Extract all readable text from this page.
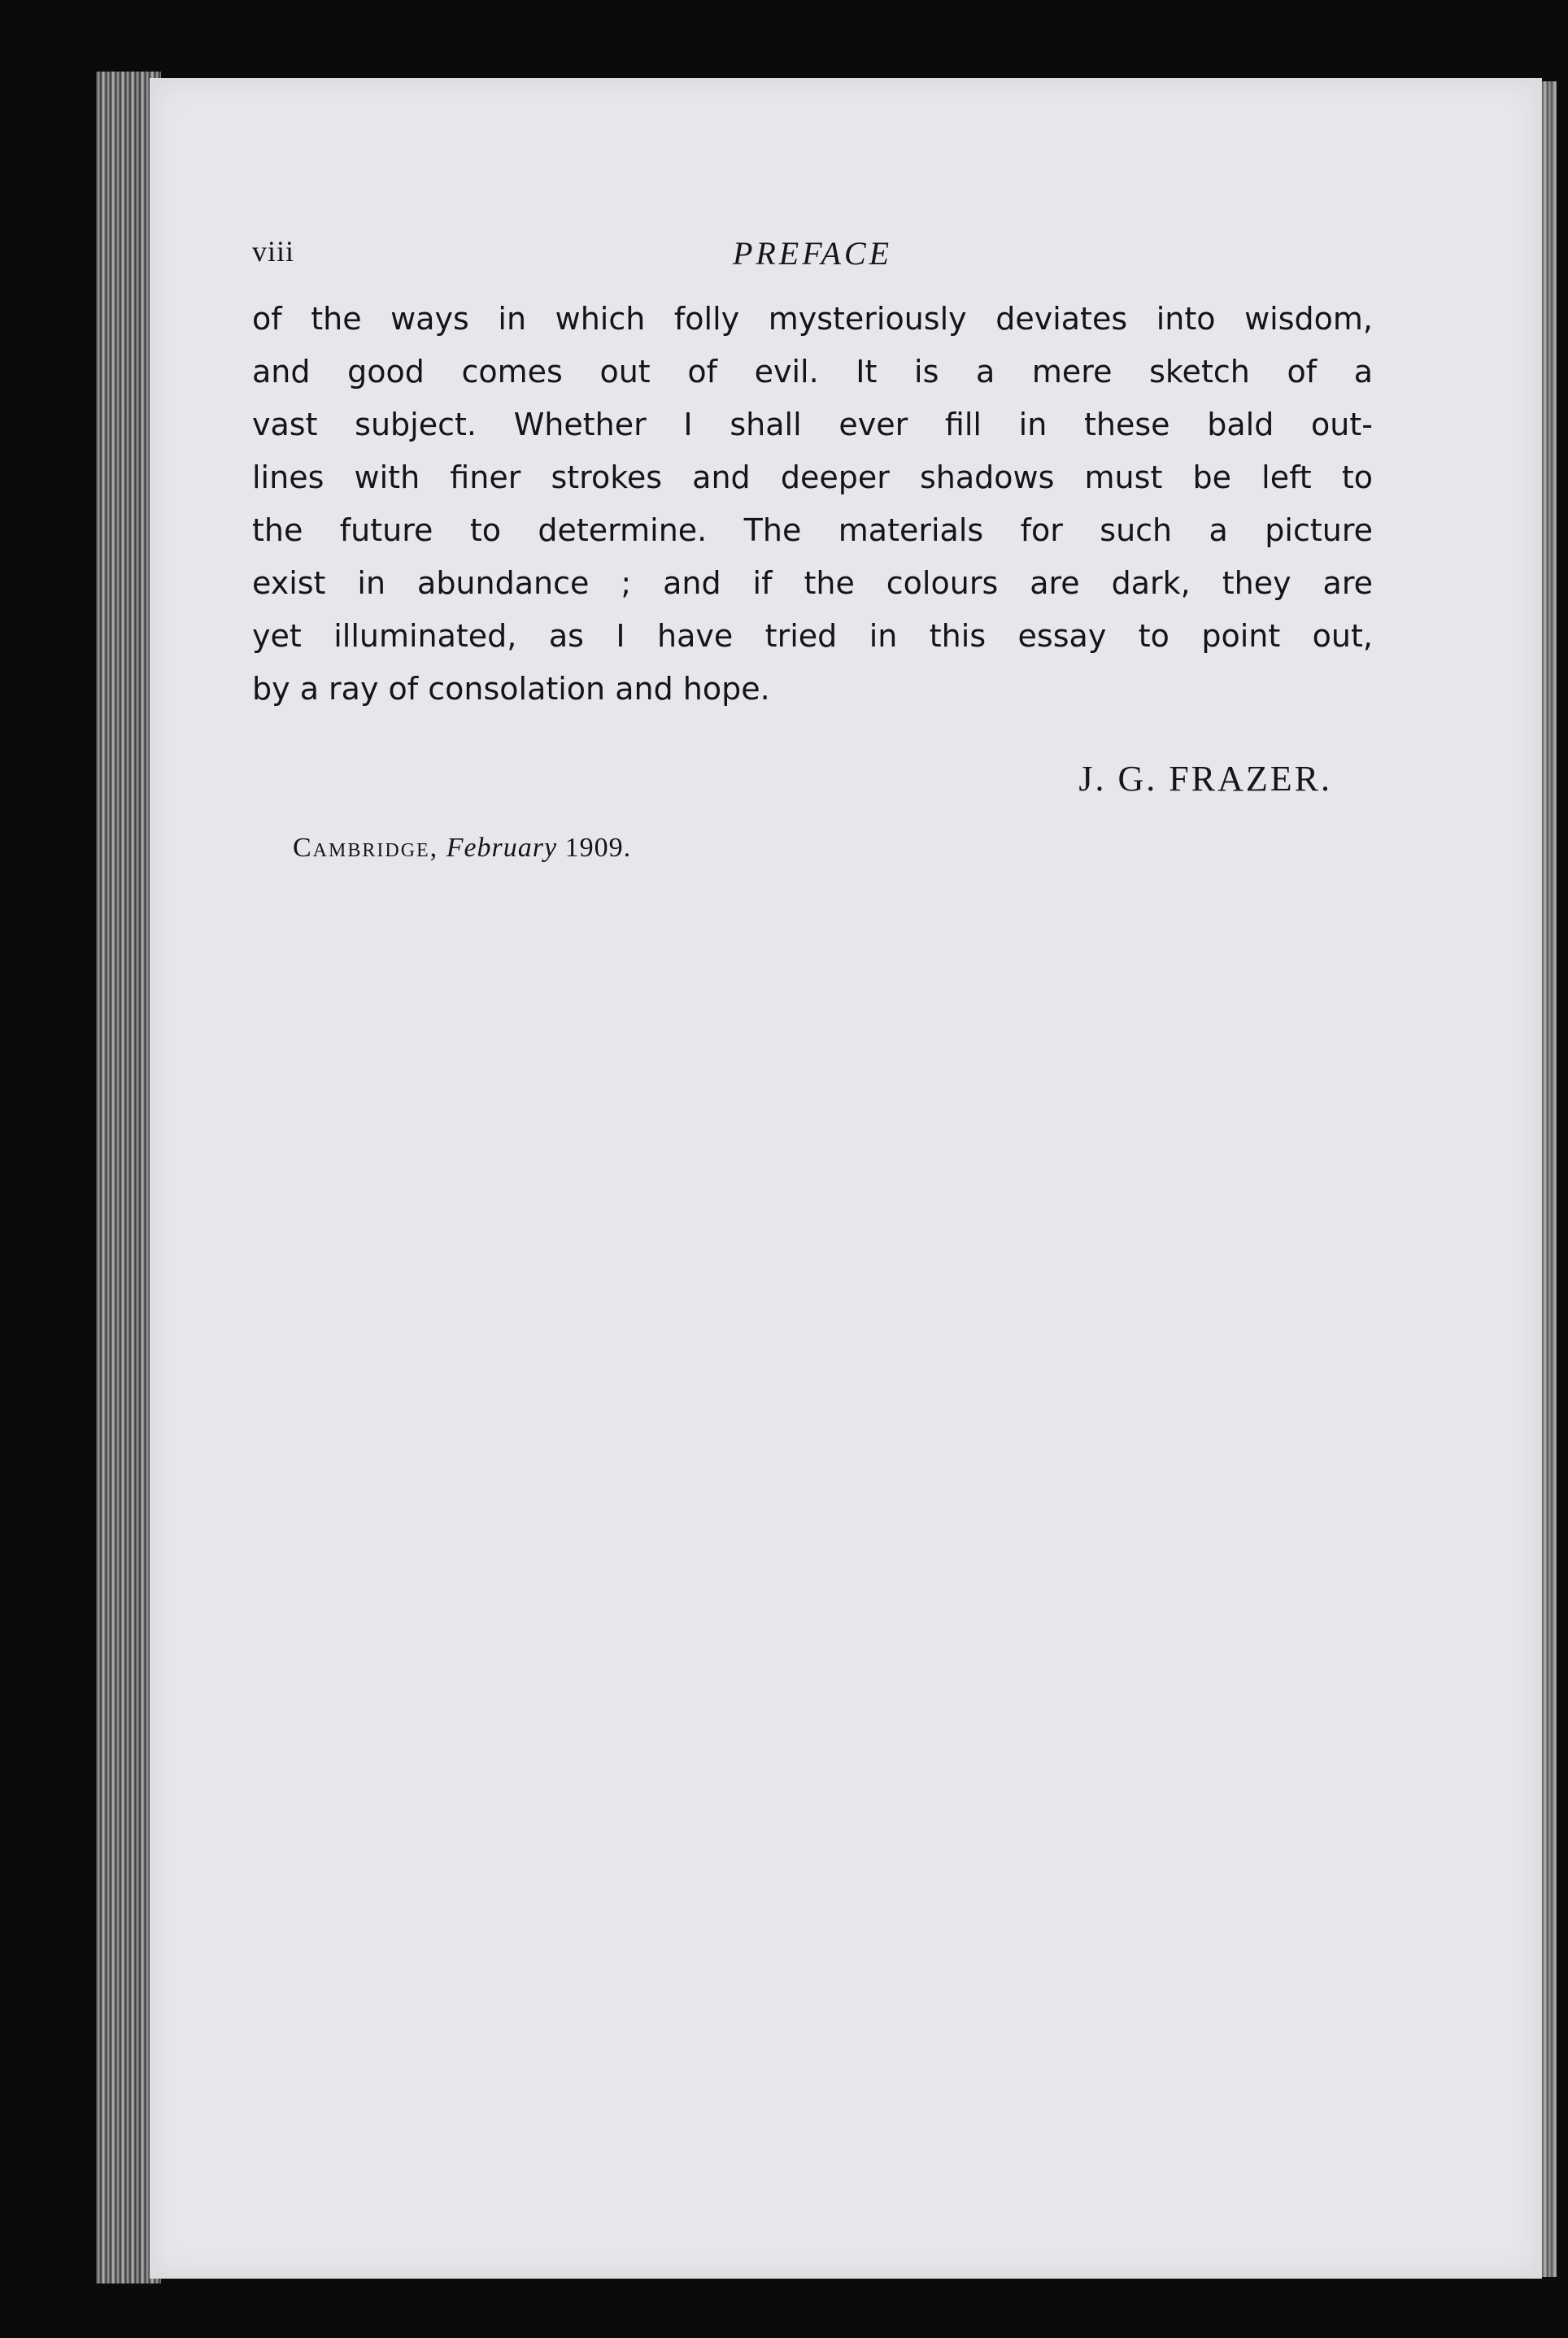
viii	PREFACE
of the ways in which folly mysteriously deviates into wisdom,
and good comes out of evil. It is a mere sketch of a
vast subject. Whether I shall ever fill in these bald out-
lines with finer strokes and deeper shadows must be left to
the future to determine. The materials for such a picture
exist in abundance ; and if the colours are dark, they are
yet illuminated, as I have tried in this essay to point out,
by a ray of consolation and hope.
J. G. FRAZER.
Cambridge, February 1909.
